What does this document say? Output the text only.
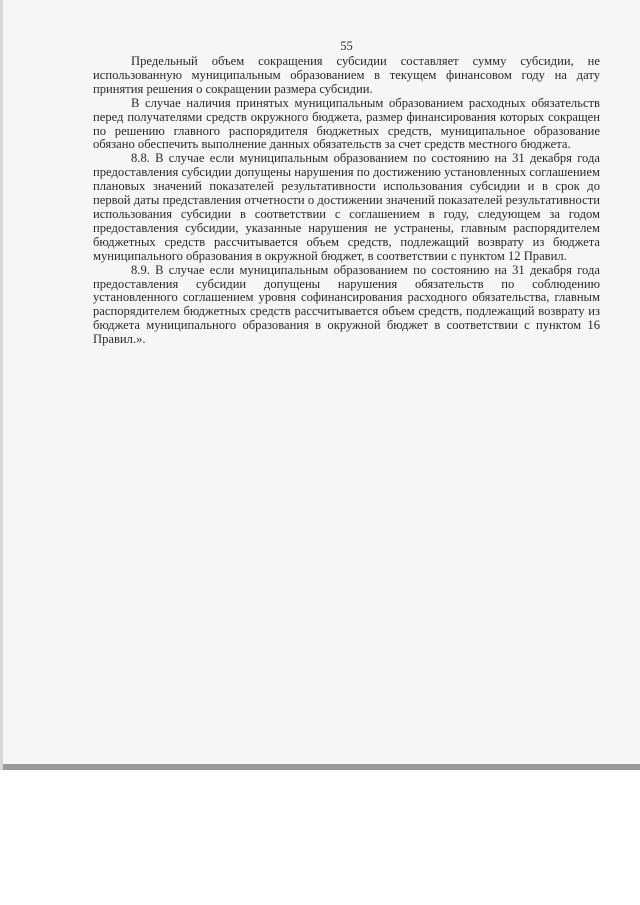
55

Предельный объем сокращения субсидии составляет сумму субсидии, не использованную муниципальным образованием в текущем финансовом году на дату принятия решения о сокращении размера субсидии.

В случае наличия принятых муниципальным образованием расходных обязательств перед получателями средств окружного бюджета, размер финансирования которых сокращен по решению главного распорядителя бюджетных средств, муниципальное образование обязано обеспечить выполнение данных обязательств за счет средств местного бюджета.

8.8. В случае если муниципальным образованием по состоянию на 31 декабря года предоставления субсидии допущены нарушения по достижению установленных соглашением плановых значений показателей результативности использования субсидии и в срок до первой даты представления отчетности о достижении значений показателей результативности использования субсидии в соответствии с соглашением в году, следующем за годом предоставления субсидии, указанные нарушения не устранены, главным распорядителем бюджетных средств рассчитывается объем средств, подлежащий возврату из бюджета муниципального образования в окружной бюджет, в соответствии с пунктом 12 Правил.

8.9. В случае если муниципальным образованием по состоянию на 31 декабря года предоставления субсидии допущены нарушения обязательств по соблюдению установленного соглашением уровня софинансирования расходного обязательства, главным распорядителем бюджетных средств рассчитывается объем средств, подлежащий возврату из бюджета муниципального образования в окружной бюджет в соответствии с пунктом 16 Правил.».
